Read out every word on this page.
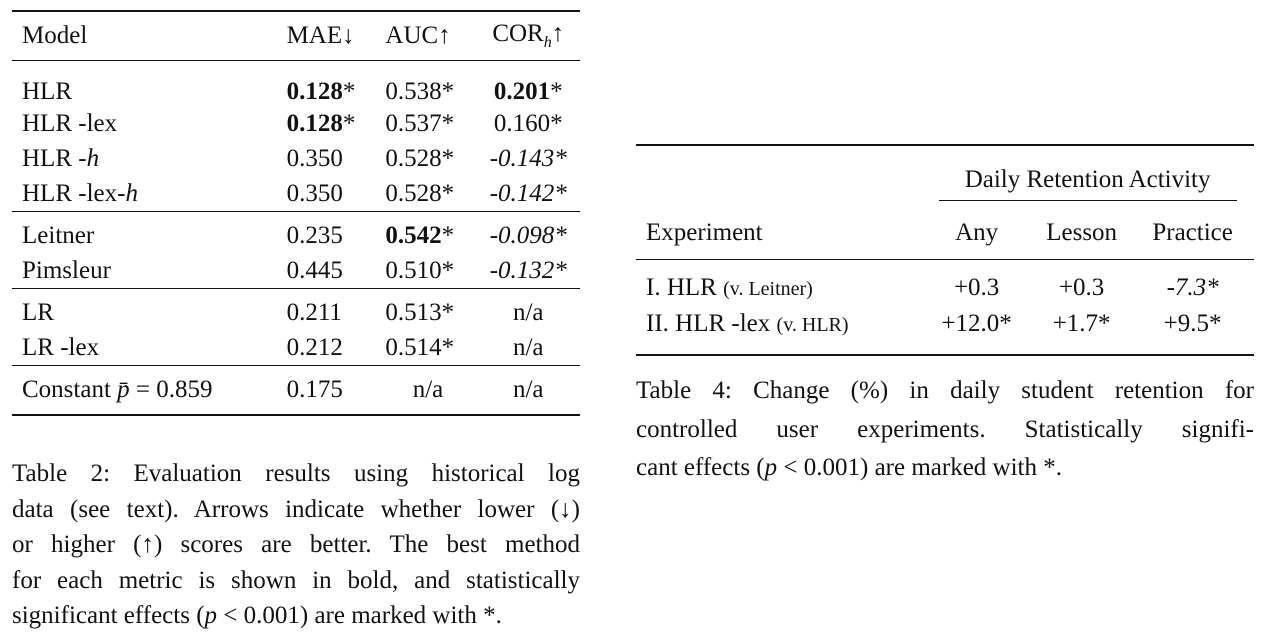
Model	MAE↓	AUC↑	$COR_h↑$
HLR	0.128*	0.538*	0.201*
HLR -lex	0.128*	0.537*	0.160*
HLR -h	0.350	0.528*	-0.143*
HLR -lex-h	0.350	0.528*	-0.142*
Leitner	0.235	0.542*	-0.098*
Pimsleur	0.445	0.510*	-0.132*
LR	0.211	0.513*	n/a
LR -lex	0.212	0.514*	n/a
Constant p̄ = 0.859	0.175	n/a	n/a
Table 2: Evaluation results using historical log
data (see text). Arrows indicate whether lower (↓)
or higher (↑) scores are better. The best method
for each metric is shown in bold, and statistically
significant effects (p < 0.001) are marked with *.
	Daily Retention Activity		
Experiment	Any	Lesson	Practice
I. HLR (v. Leitner)	+0.3	+0.3	-7.3*
II. HLR -lex (v. HLR)	+12.0*	+1.7*	+9.5*
Table 4: Change (%) in daily student retention for
controlled user experiments. Statistically signifi-
cant effects (p < 0.001) are marked with *.
